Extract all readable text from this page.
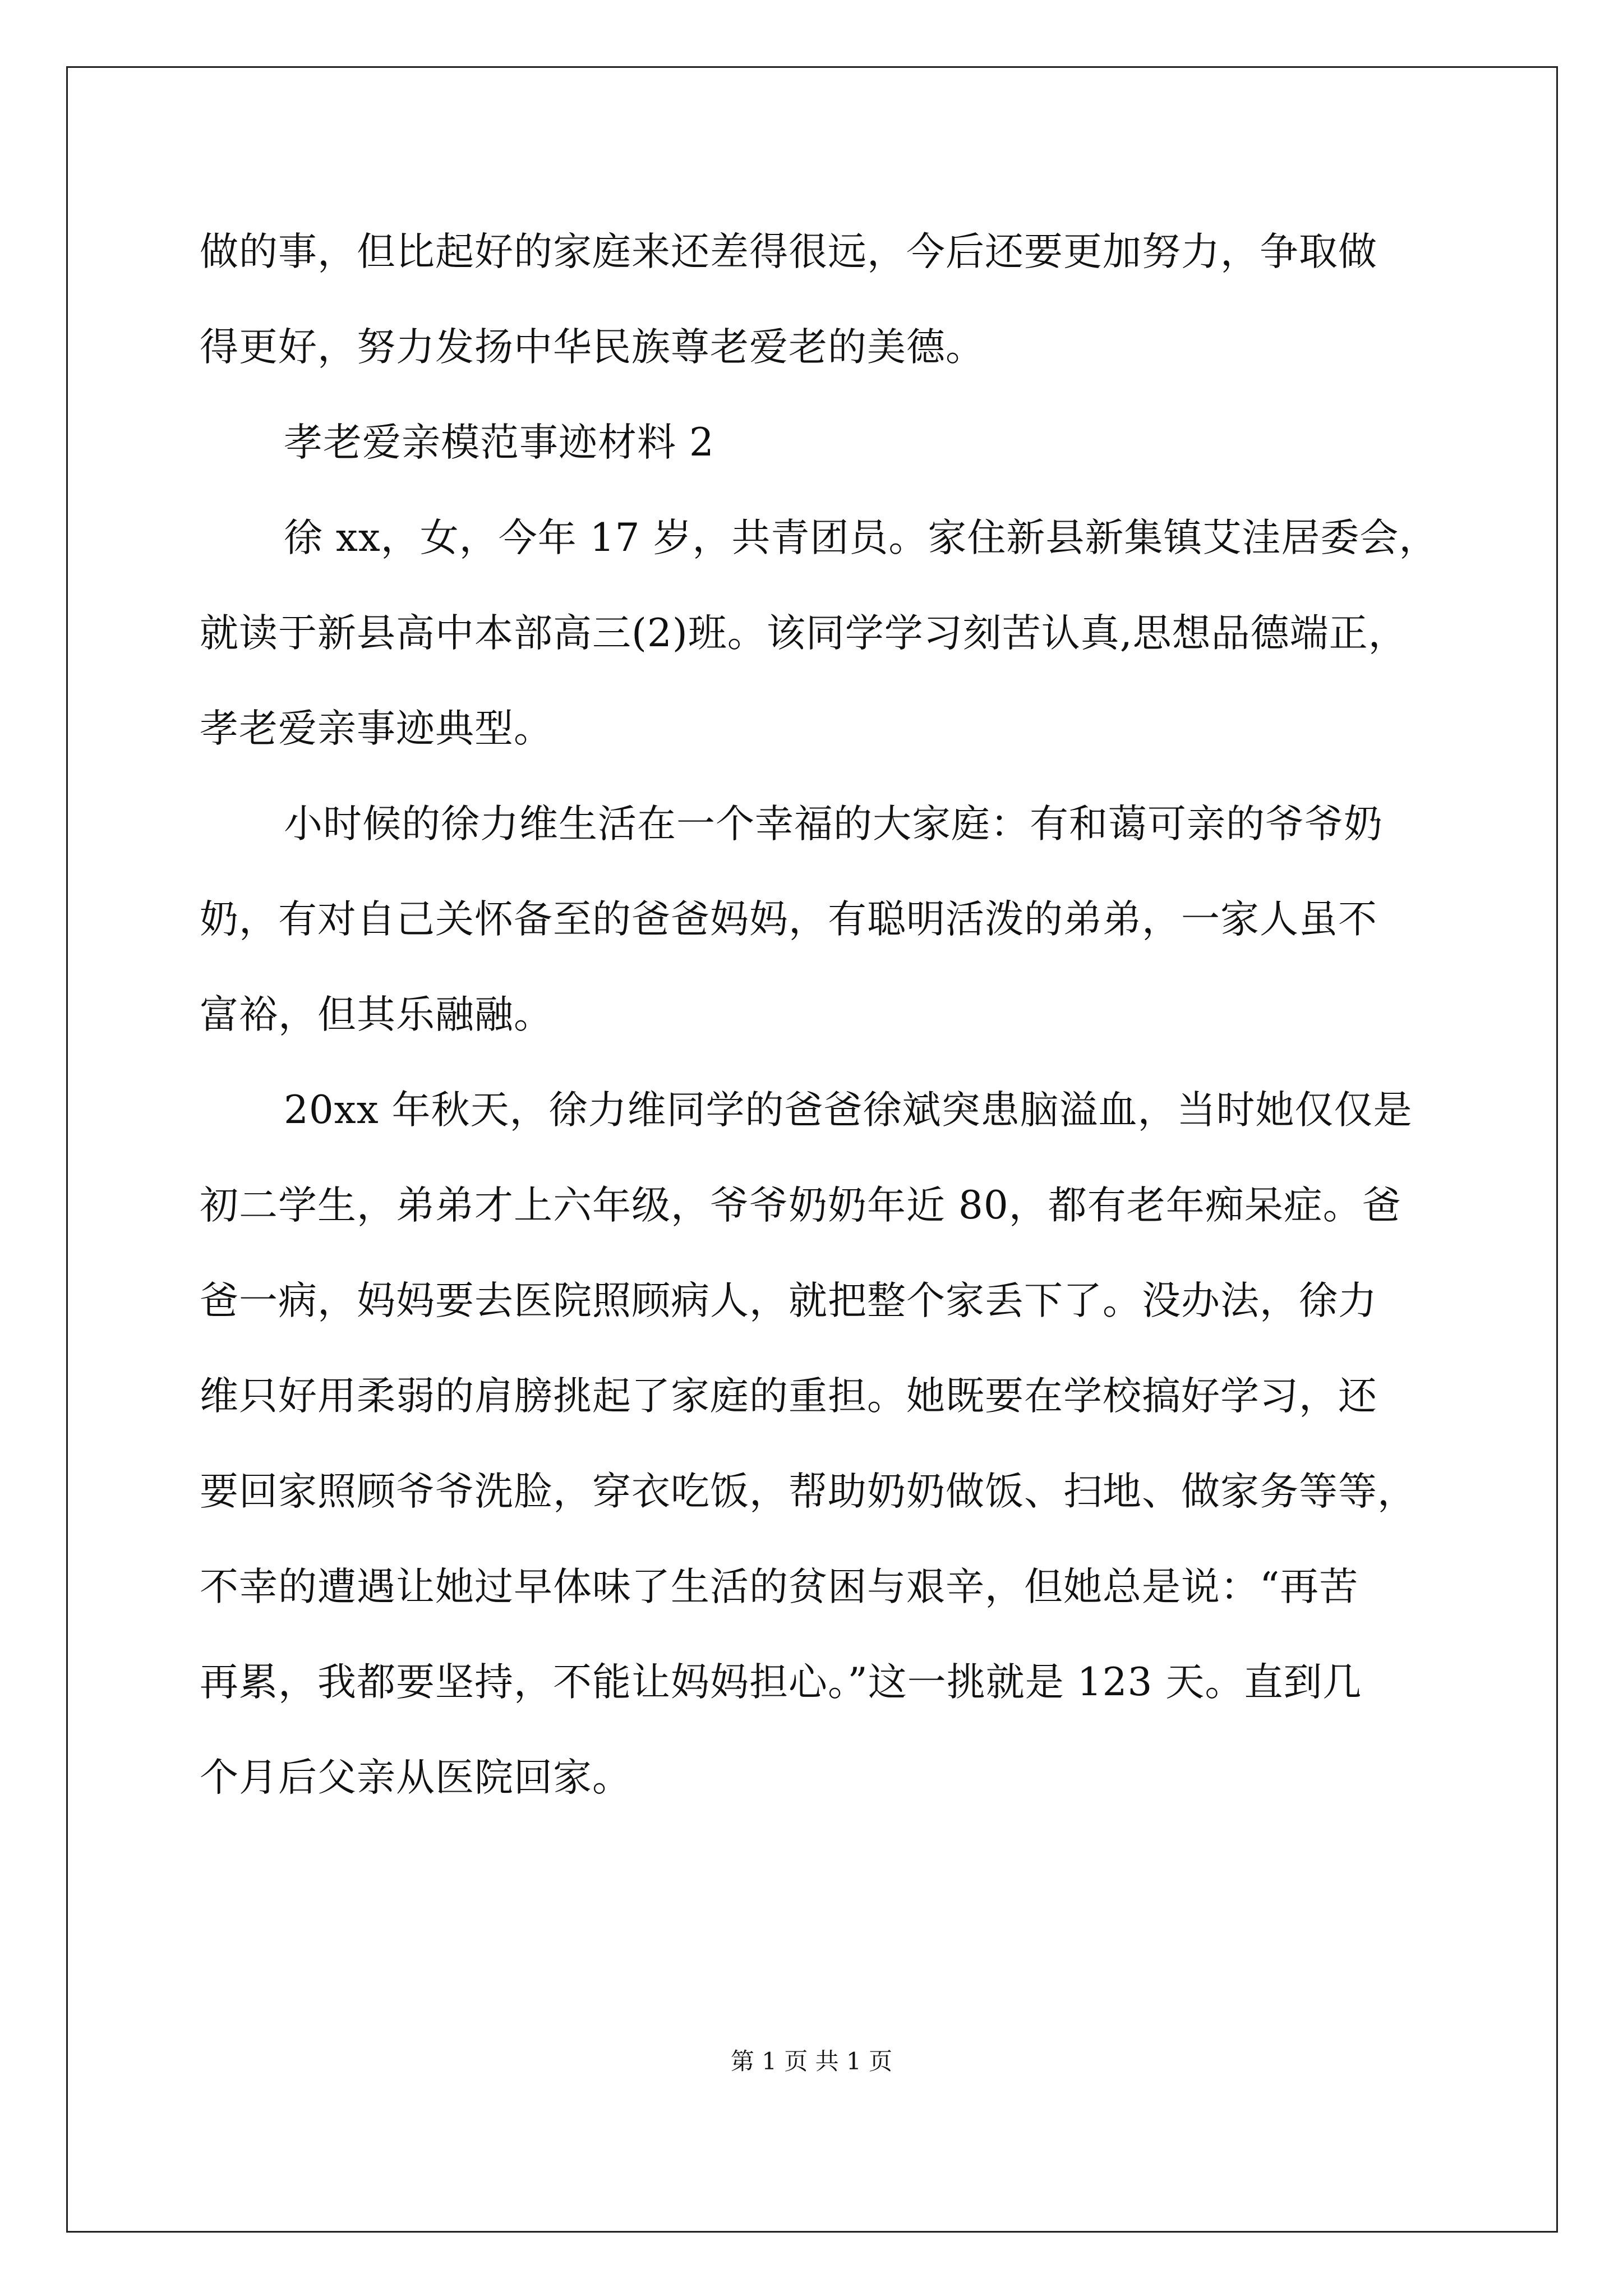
做的事，但比起好的家庭来还差得很远，今后还要更加努力，争取做
得更好，努力发扬中华民族尊老爱老的美德。
孝老爱亲模范事迹材料 2
徐 xx，女，今年 17 岁，共青团员。家住新县新集镇艾洼居委会，
就读于新县高中本部高三(2)班。该同学学习刻苦认真,思想品德端正，
孝老爱亲事迹典型。
小时候的徐力维生活在一个幸福的大家庭：有和蔼可亲的爷爷奶
奶，有对自己关怀备至的爸爸妈妈，有聪明活泼的弟弟，一家人虽不
富裕，但其乐融融。
20xx 年秋天，徐力维同学的爸爸徐斌突患脑溢血，当时她仅仅是
初二学生，弟弟才上六年级，爷爷奶奶年近 80，都有老年痴呆症。爸
爸一病，妈妈要去医院照顾病人，就把整个家丢下了。没办法，徐力
维只好用柔弱的肩膀挑起了家庭的重担。她既要在学校搞好学习，还
要回家照顾爷爷洗脸，穿衣吃饭，帮助奶奶做饭、扫地、做家务等等，
不幸的遭遇让她过早体味了生活的贫困与艰辛，但她总是说：“再苦
再累，我都要坚持，不能让妈妈担心。”这一挑就是 123 天。直到几
个月后父亲从医院回家。
第 1 页 共 1 页
